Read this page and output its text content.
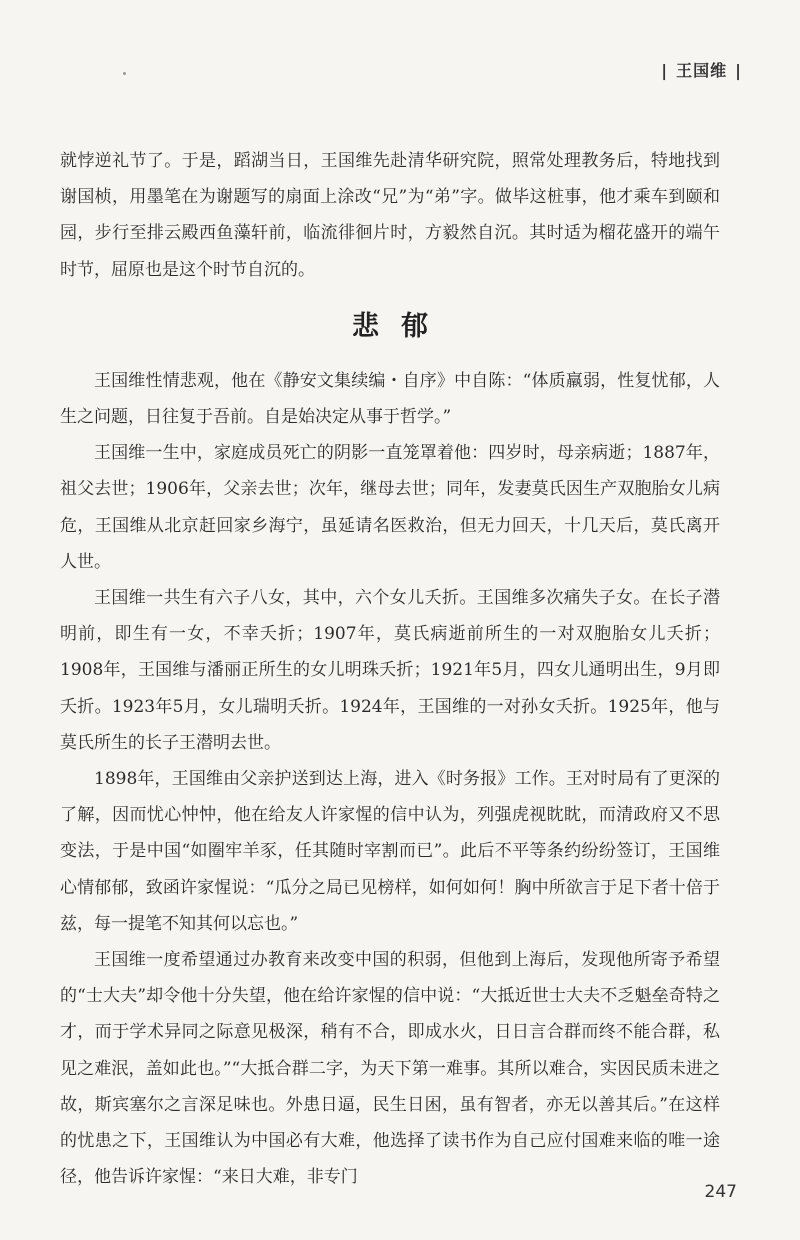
| 王国维 |

就悖逆礼节了。于是，蹈湖当日，王国维先赴清华研究院，照常处理教务后，特地找到谢国桢，用墨笔在为谢题写的扇面上涂改“兄”为“弟”字。做毕这桩事，他才乘车到颐和园，步行至排云殿西鱼藻轩前，临流徘徊片时，方毅然自沉。其时适为榴花盛开的端午时节，屈原也是这个时节自沉的。

悲郁

王国维性情悲观，他在《静安文集续编・自序》中自陈：“体质羸弱，性复忧郁，人生之问题，日往复于吾前。自是始决定从事于哲学。”

王国维一生中，家庭成员死亡的阴影一直笼罩着他：四岁时，母亲病逝；1887年，祖父去世；1906年，父亲去世；次年，继母去世；同年，发妻莫氏因生产双胞胎女儿病危，王国维从北京赶回家乡海宁，虽延请名医救治，但无力回天，十几天后，莫氏离开人世。

王国维一共生有六子八女，其中，六个女儿夭折。王国维多次痛失子女。在长子潜明前，即生有一女，不幸夭折；1907年，莫氏病逝前所生的一对双胞胎女儿夭折；1908年，王国维与潘丽正所生的女儿明珠夭折；1921年5月，四女儿通明出生，9月即夭折。1923年5月，女儿瑞明夭折。1924年，王国维的一对孙女夭折。1925年，他与莫氏所生的长子王潜明去世。

1898年，王国维由父亲护送到达上海，进入《时务报》工作。王对时局有了更深的了解，因而忧心忡忡，他在给友人许家惺的信中认为，列强虎视眈眈，而清政府又不思变法，于是中国“如圈牢羊豕，任其随时宰割而已”。此后不平等条约纷纷签订，王国维心情郁郁，致函许家惺说：“瓜分之局已见榜样，如何如何！胸中所欲言于足下者十倍于兹，每一提笔不知其何以忘也。”

王国维一度希望通过办教育来改变中国的积弱，但他到上海后，发现他所寄予希望的“士大夫”却令他十分失望，他在给许家惺的信中说：“大抵近世士大夫不乏魁垒奇特之才，而于学术异同之际意见极深，稍有不合，即成水火，日日言合群而终不能合群，私见之难泯，盖如此也。”“大抵合群二字，为天下第一难事。其所以难合，实因民质未进之故，斯宾塞尔之言深足味也。外患日逼，民生日困，虽有智者，亦无以善其后。”在这样的忧患之下，王国维认为中国必有大难，他选择了读书作为自己应付国难来临的唯一途径，他告诉许家惺：“来日大难，非专门

247
